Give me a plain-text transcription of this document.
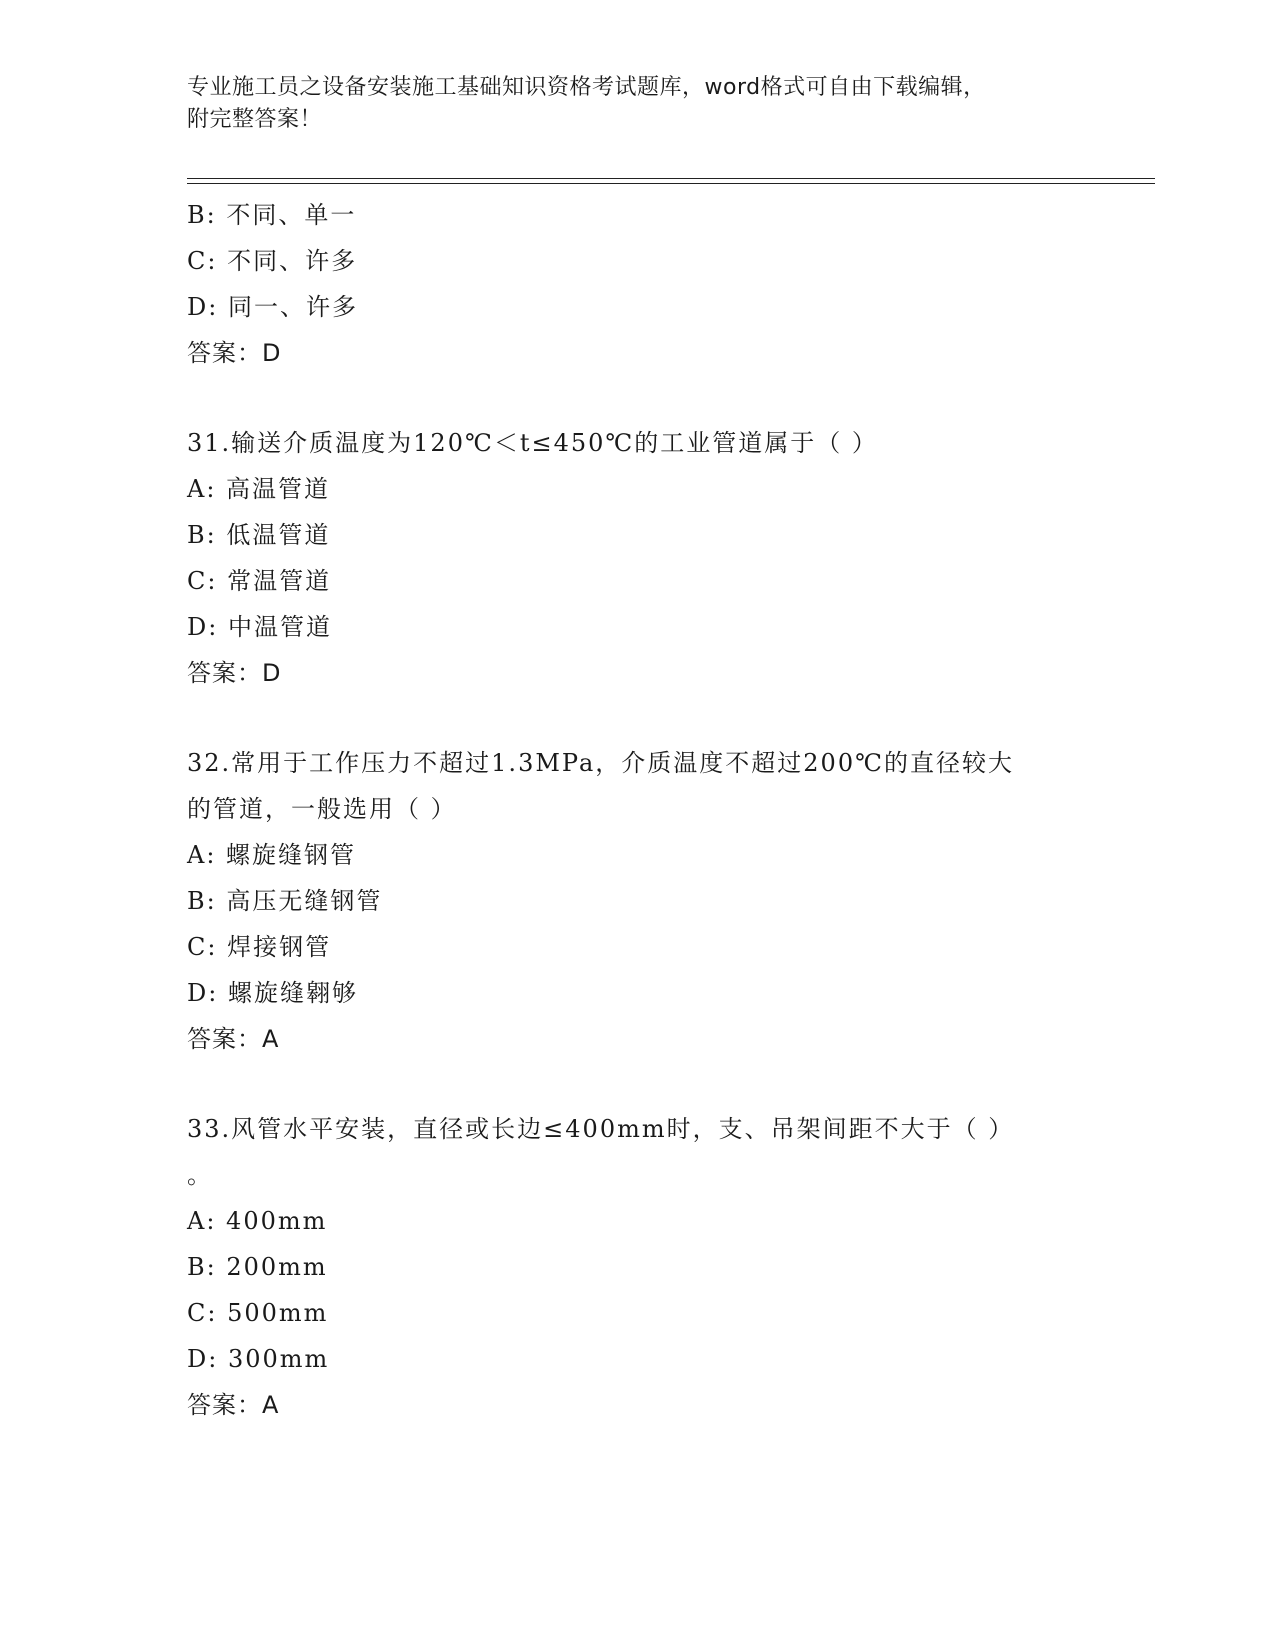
专业施工员之设备安装施工基础知识资格考试题库，word格式可自由下载编辑，
附完整答案！
B: 不同、单一
C: 不同、许多
D: 同一、许多
答案：D
31.输送介质温度为120℃＜t≤450℃的工业管道属于（ ）
A: 高温管道
B: 低温管道
C: 常温管道
D: 中温管道
答案：D
32.常用于工作压力不超过1.3MPa，介质温度不超过200℃的直径较大
的管道，一般选用（ ）
A: 螺旋缝钢管
B: 高压无缝钢管
C: 焊接钢管
D: 螺旋缝翱够
答案：A
33.风管水平安装，直径或长边≤400mm时，支、吊架间距不大于（ ）
。
A: 400mm
B: 200mm
C: 500mm
D: 300mm
答案：A
